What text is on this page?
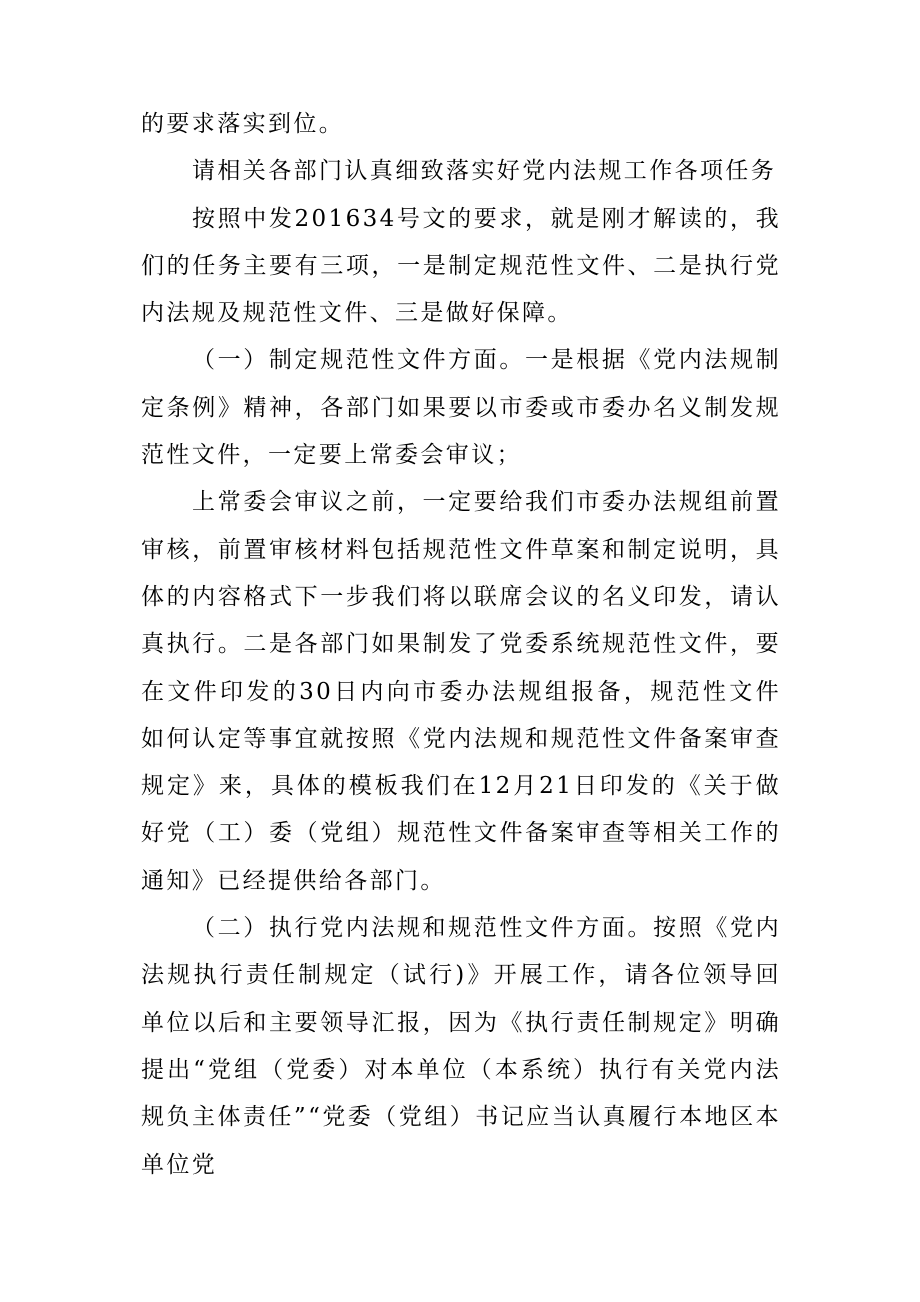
的要求落实到位。

请相关各部门认真细致落实好党内法规工作各项任务

按照中发201634号文的要求，就是刚才解读的，我们的任务主要有三项，一是制定规范性文件、二是执行党内法规及规范性文件、三是做好保障。

（一）制定规范性文件方面。一是根据《党内法规制定条例》精神，各部门如果要以市委或市委办名义制发规范性文件，一定要上常委会审议；

上常委会审议之前，一定要给我们市委办法规组前置审核，前置审核材料包括规范性文件草案和制定说明，具体的内容格式下一步我们将以联席会议的名义印发，请认真执行。二是各部门如果制发了党委系统规范性文件，要在文件印发的30日内向市委办法规组报备，规范性文件如何认定等事宜就按照《党内法规和规范性文件备案审查规定》来，具体的模板我们在12月21日印发的《关于做好党（工）委（党组）规范性文件备案审查等相关工作的通知》已经提供给各部门。

（二）执行党内法规和规范性文件方面。按照《党内法规执行责任制规定（试行)》开展工作，请各位领导回单位以后和主要领导汇报，因为《执行责任制规定》明确提出“党组（党委）对本单位（本系统）执行有关党内法规负主体责任”“党委（党组）书记应当认真履行本地区本单位党
